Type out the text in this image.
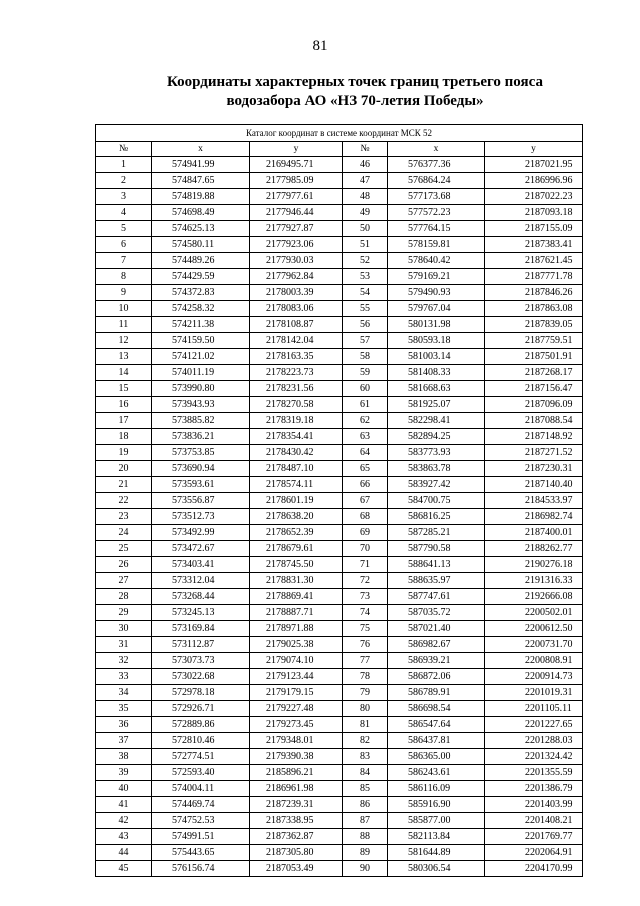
81
Координаты характерных точек границ третьего пояса
водозабора АО «НЗ 70-летия Победы»
Каталог координат в системе координат МСК 52					
№	x	y	№	x	y
1	574941.99	2169495.71	46	576377.36	2187021.95
2	574847.65	2177985.09	47	576864.24	2186996.96
3	574819.88	2177977.61	48	577173.68	2187022.23
4	574698.49	2177946.44	49	577572.23	2187093.18
5	574625.13	2177927.87	50	577764.15	2187155.09
6	574580.11	2177923.06	51	578159.81	2187383.41
7	574489.26	2177930.03	52	578640.42	2187621.45
8	574429.59	2177962.84	53	579169.21	2187771.78
9	574372.83	2178003.39	54	579490.93	2187846.26
10	574258.32	2178083.06	55	579767.04	2187863.08
11	574211.38	2178108.87	56	580131.98	2187839.05
12	574159.50	2178142.04	57	580593.18	2187759.51
13	574121.02	2178163.35	58	581003.14	2187501.91
14	574011.19	2178223.73	59	581408.33	2187268.17
15	573990.80	2178231.56	60	581668.63	2187156.47
16	573943.93	2178270.58	61	581925.07	2187096.09
17	573885.82	2178319.18	62	582298.41	2187088.54
18	573836.21	2178354.41	63	582894.25	2187148.92
19	573753.85	2178430.42	64	583773.93	2187271.52
20	573690.94	2178487.10	65	583863.78	2187230.31
21	573593.61	2178574.11	66	583927.42	2187140.40
22	573556.87	2178601.19	67	584700.75	2184533.97
23	573512.73	2178638.20	68	586816.25	2186982.74
24	573492.99	2178652.39	69	587285.21	2187400.01
25	573472.67	2178679.61	70	587790.58	2188262.77
26	573403.41	2178745.50	71	588641.13	2190276.18
27	573312.04	2178831.30	72	588635.97	2191316.33
28	573268.44	2178869.41	73	587747.61	2192666.08
29	573245.13	2178887.71	74	587035.72	2200502.01
30	573169.84	2178971.88	75	587021.40	2200612.50
31	573112.87	2179025.38	76	586982.67	2200731.70
32	573073.73	2179074.10	77	586939.21	2200808.91
33	573022.68	2179123.44	78	586872.06	2200914.73
34	572978.18	2179179.15	79	586789.91	2201019.31
35	572926.71	2179227.48	80	586698.54	2201105.11
36	572889.86	2179273.45	81	586547.64	2201227.65
37	572810.46	2179348.01	82	586437.81	2201288.03
38	572774.51	2179390.38	83	586365.00	2201324.42
39	572593.40	2185896.21	84	586243.61	2201355.59
40	574004.11	2186961.98	85	586116.09	2201386.79
41	574469.74	2187239.31	86	585916.90	2201403.99
42	574752.53	2187338.95	87	585877.00	2201408.21
43	574991.51	2187362.87	88	582113.84	2201769.77
44	575443.65	2187305.80	89	581644.89	2202064.91
45	576156.74	2187053.49	90	580306.54	2204170.99
